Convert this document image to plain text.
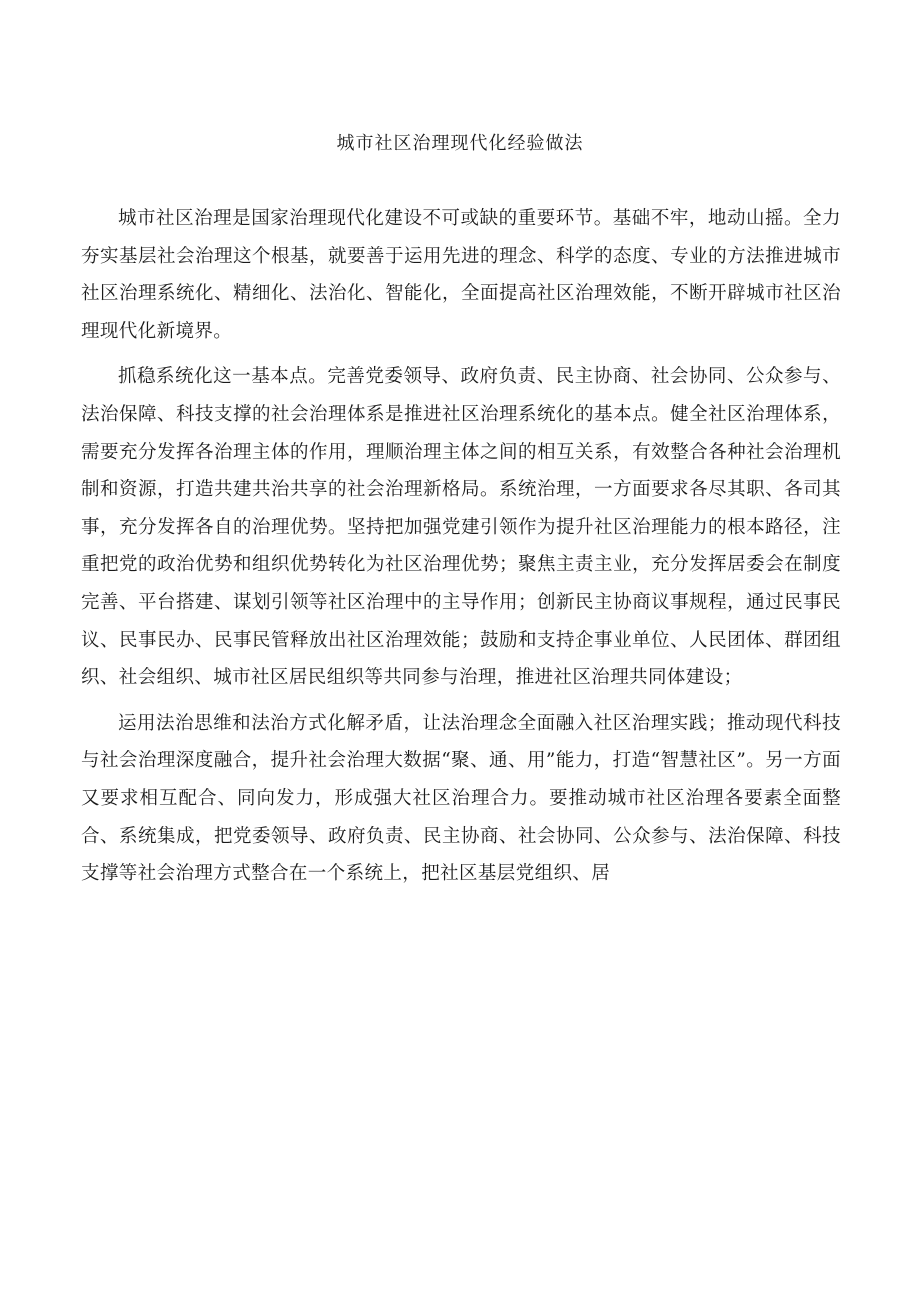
城市社区治理现代化经验做法

城市社区治理是国家治理现代化建设不可或缺的重要环节。基础不牢，地动山摇。全力夯实基层社会治理这个根基，就要善于运用先进的理念、科学的态度、专业的方法推进城市社区治理系统化、精细化、法治化、智能化，全面提高社区治理效能，不断开辟城市社区治理现代化新境界。

抓稳系统化这一基本点。完善党委领导、政府负责、民主协商、社会协同、公众参与、法治保障、科技支撑的社会治理体系是推进社区治理系统化的基本点。健全社区治理体系，需要充分发挥各治理主体的作用，理顺治理主体之间的相互关系，有效整合各种社会治理机制和资源，打造共建共治共享的社会治理新格局。系统治理，一方面要求各尽其职、各司其事，充分发挥各自的治理优势。坚持把加强党建引领作为提升社区治理能力的根本路径，注重把党的政治优势和组织优势转化为社区治理优势；聚焦主责主业，充分发挥居委会在制度完善、平台搭建、谋划引领等社区治理中的主导作用；创新民主协商议事规程，通过民事民议、民事民办、民事民管释放出社区治理效能；鼓励和支持企事业单位、人民团体、群团组织、社会组织、城市社区居民组织等共同参与治理，推进社区治理共同体建设；

运用法治思维和法治方式化解矛盾，让法治理念全面融入社区治理实践；推动现代科技与社会治理深度融合，提升社会治理大数据“聚、通、用”能力，打造“智慧社区”。另一方面又要求相互配合、同向发力，形成强大社区治理合力。要推动城市社区治理各要素全面整合、系统集成，把党委领导、政府负责、民主协商、社会协同、公众参与、法治保障、科技支撑等社会治理方式整合在一个系统上，把社区基层党组织、居
